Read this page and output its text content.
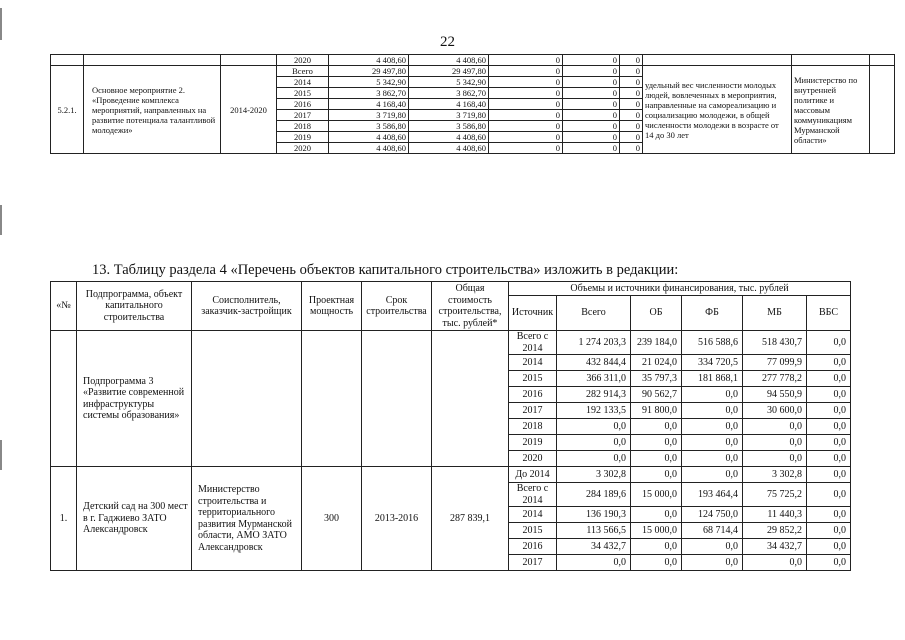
22
			2020	4 408,60	4 408,60	0	0	0			
5.2.1.	Основное мероприятие 2. «Проведение комплекса мероприятий, направленных на развитие потенциала талантливой молодежи»	2014-2020	Всего	29 497,80	29 497,80	0	0	0	удельный вес численности молодых людей, вовлеченных в мероприятия, направленные на самореализацию и социализацию молодежи, в общей численности молодежи в возрасте от 14 до 30 лет	Министерство по внутренней политике и массовым коммуникациям Мурманской области»	
			2014	5 342,90	5 342,90	0	0	0			
			2015	3 862,70	3 862,70	0	0	0			
			2016	4 168,40	4 168,40	0	0	0			
			2017	3 719,80	3 719,80	0	0	0			
			2018	3 586,80	3 586,80	0	0	0			
			2019	4 408,60	4 408,60	0	0	0			
			2020	4 408,60	4 408,60	0	0	0			
13. Таблицу раздела 4 «Перечень объектов капитального строительства» изложить в редакции:
«№	Подпрограмма, объект капитального строительства	Соисполнитель, заказчик-застройщик	Проектная мощность	Срок строительства	Общая стоимость строительства, тыс. рублей*	Объемы и источники финансирования, тыс. рублей					
						Источник	Всего	ОБ	ФБ	МБ	ВБС
	Подпрограмма 3 «Развитие современной инфраструктуры системы образования»					Всего с 2014	1 274 203,3	239 184,0	516 588,6	518 430,7	0,0
						2014	432 844,4	21 024,0	334 720,5	77 099,9	0,0
						2015	366 311,0	35 797,3	181 868,1	277 778,2	0,0
						2016	282 914,3	90 562,7	0,0	94 550,9	0,0
						2017	192 133,5	91 800,0	0,0	30 600,0	0,0
						2018	0,0	0,0	0,0	0,0	0,0
						2019	0,0	0,0	0,0	0,0	0,0
						2020	0,0	0,0	0,0	0,0	0,0
1.	Детский сад на 300 мест в г. Гаджиево ЗАТО Александровск	Министерство строительства и территориального развития Мурманской области, АМО ЗАТО Александровск	300	2013-2016	287 839,1	До 2014	3 302,8	0,0	0,0	3 302,8	0,0
						Всего с 2014	284 189,6	15 000,0	193 464,4	75 725,2	0,0
						2014	136 190,3	0,0	124 750,0	11 440,3	0,0
						2015	113 566,5	15 000,0	68 714,4	29 852,2	0,0
						2016	34 432,7	0,0	0,0	34 432,7	0,0
						2017	0,0	0,0	0,0	0,0	0,0
